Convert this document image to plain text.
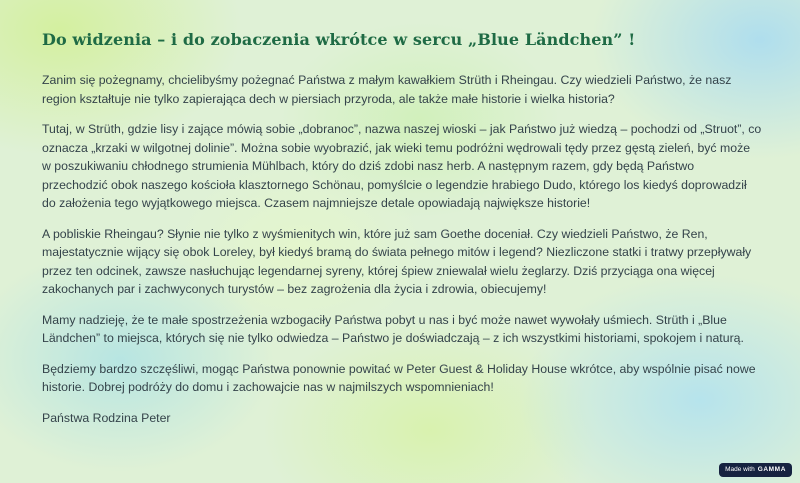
Do widzenia – i do zobaczenia wkrótce w sercu „Blue Ländchen” !

Zanim się pożegnamy, chcielibyśmy pożegnać Państwa z małym kawałkiem Strüth i Rheingau. Czy wiedzieli Państwo, że nasz region kształtuje nie tylko zapierająca dech w piersiach przyroda, ale także małe historie i wielka historia?

Tutaj, w Strüth, gdzie lisy i zające mówią sobie „dobranoc”, nazwa naszej wioski – jak Państwo już wiedzą – pochodzi od „Struot”, co oznacza „krzaki w wilgotnej dolinie”. Można sobie wyobrazić, jak wieki temu podróżni wędrowali tędy przez gęstą zieleń, być może w poszukiwaniu chłodnego strumienia Mühlbach, który do dziś zdobi nasz herb. A następnym razem, gdy będą Państwo przechodzić obok naszego kościoła klasztornego Schönau, pomyślcie o legendzie hrabiego Dudo, którego los kiedyś doprowadził do założenia tego wyjątkowego miejsca. Czasem najmniejsze detale opowiadają największe historie!

A pobliskie Rheingau? Słynie nie tylko z wyśmienitych win, które już sam Goethe doceniał. Czy wiedzieli Państwo, że Ren, majestatycznie wijący się obok Loreley, był kiedyś bramą do świata pełnego mitów i legend? Niezliczone statki i tratwy przepływały przez ten odcinek, zawsze nasłuchując legendarnej syreny, której śpiew zniewalał wielu żeglarzy. Dziś przyciąga ona więcej zakochanych par i zachwyconych turystów – bez zagrożenia dla życia i zdrowia, obiecujemy!

Mamy nadzieję, że te małe spostrzeżenia wzbogaciły Państwa pobyt u nas i być może nawet wywołały uśmiech. Strüth i „Blue Ländchen” to miejsca, których się nie tylko odwiedza – Państwo je doświadczają – z ich wszystkimi historiami, spokojem i naturą.

Będziemy bardzo szczęśliwi, mogąc Państwa ponownie powitać w Peter Guest & Holiday House wkrótce, aby wspólnie pisać nowe historie. Dobrej podróży do domu i zachowajcie nas w najmilszych wspomnieniach!

Państwa Rodzina Peter

Made with GAMMA
